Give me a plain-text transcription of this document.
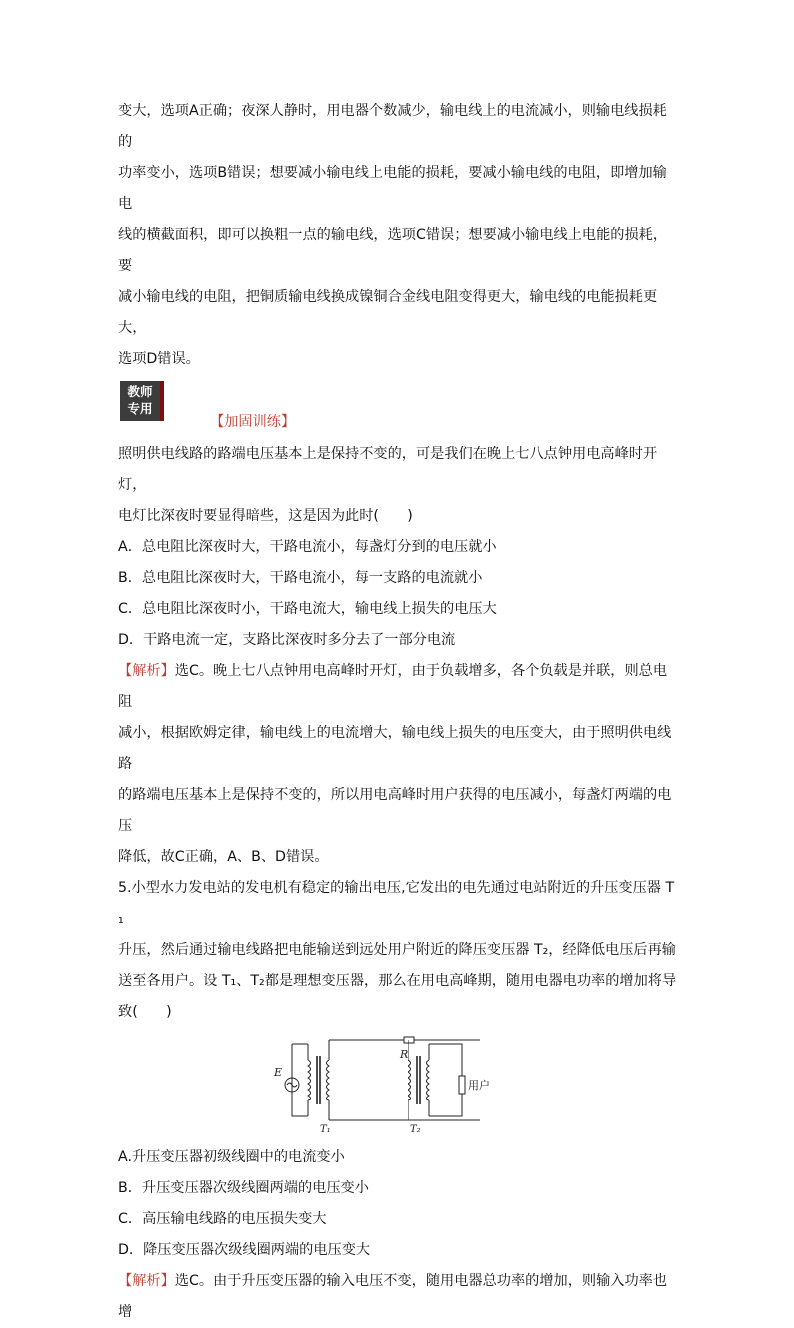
变大，选项A正确；夜深人静时，用电器个数减少，输电线上的电流减小，则输电线损耗的

功率变小，选项B错误；想要减小输电线上电能的损耗，要减小输电线的电阻，即增加输电

线的横截面积，即可以换粗一点的输电线，选项C错误；想要减小输电线上电能的损耗，要

减小输电线的电阻，把铜质输电线换成镍铜合金线电阻变得更大，输电线的电能损耗更大，

选项D错误。

教师
专用
【加固训练】

照明供电线路的路端电压基本上是保持不变的，可是我们在晚上七八点钟用电高峰时开灯，

电灯比深夜时要显得暗些，这是因为此时(　　)

A．总电阻比深夜时大，干路电流小，每盏灯分到的电压就小

B．总电阻比深夜时大，干路电流小，每一支路的电流就小

C．总电阻比深夜时小，干路电流大，输电线上损失的电压大

D．干路电流一定，支路比深夜时多分去了一部分电流

【解析】选C。晚上七八点钟用电高峰时开灯，由于负载增多，各个负载是并联，则总电阻

减小，根据欧姆定律，输电线上的电流增大，输电线上损失的电压变大，由于照明供电线路

的路端电压基本上是保持不变的，所以用电高峰时用户获得的电压减小，每盏灯两端的电压

降低，故C正确，A、B、D错误。

5.小型水力发电站的发电机有稳定的输出电压,它发出的电先通过电站附近的升压变压器 T₁

升压，然后通过输电线路把电能输送到远处用户附近的降压变压器 T₂，经降低电压后再输

送至各用户。设 T₁、T₂都是理想变压器，那么在用电高峰期，随用电器电功率的增加将导

致(　　)

E
R
T₁	T₂
用户

A.升压变压器初级线圈中的电流变小

B．升压变压器次级线圈两端的电压变小

C．高压输电线路的电压损失变大

D．降压变压器次级线圈两端的电压变大

【解析】选C。由于升压变压器的输入电压不变，随用电器总功率的增加，则输入功率也增
